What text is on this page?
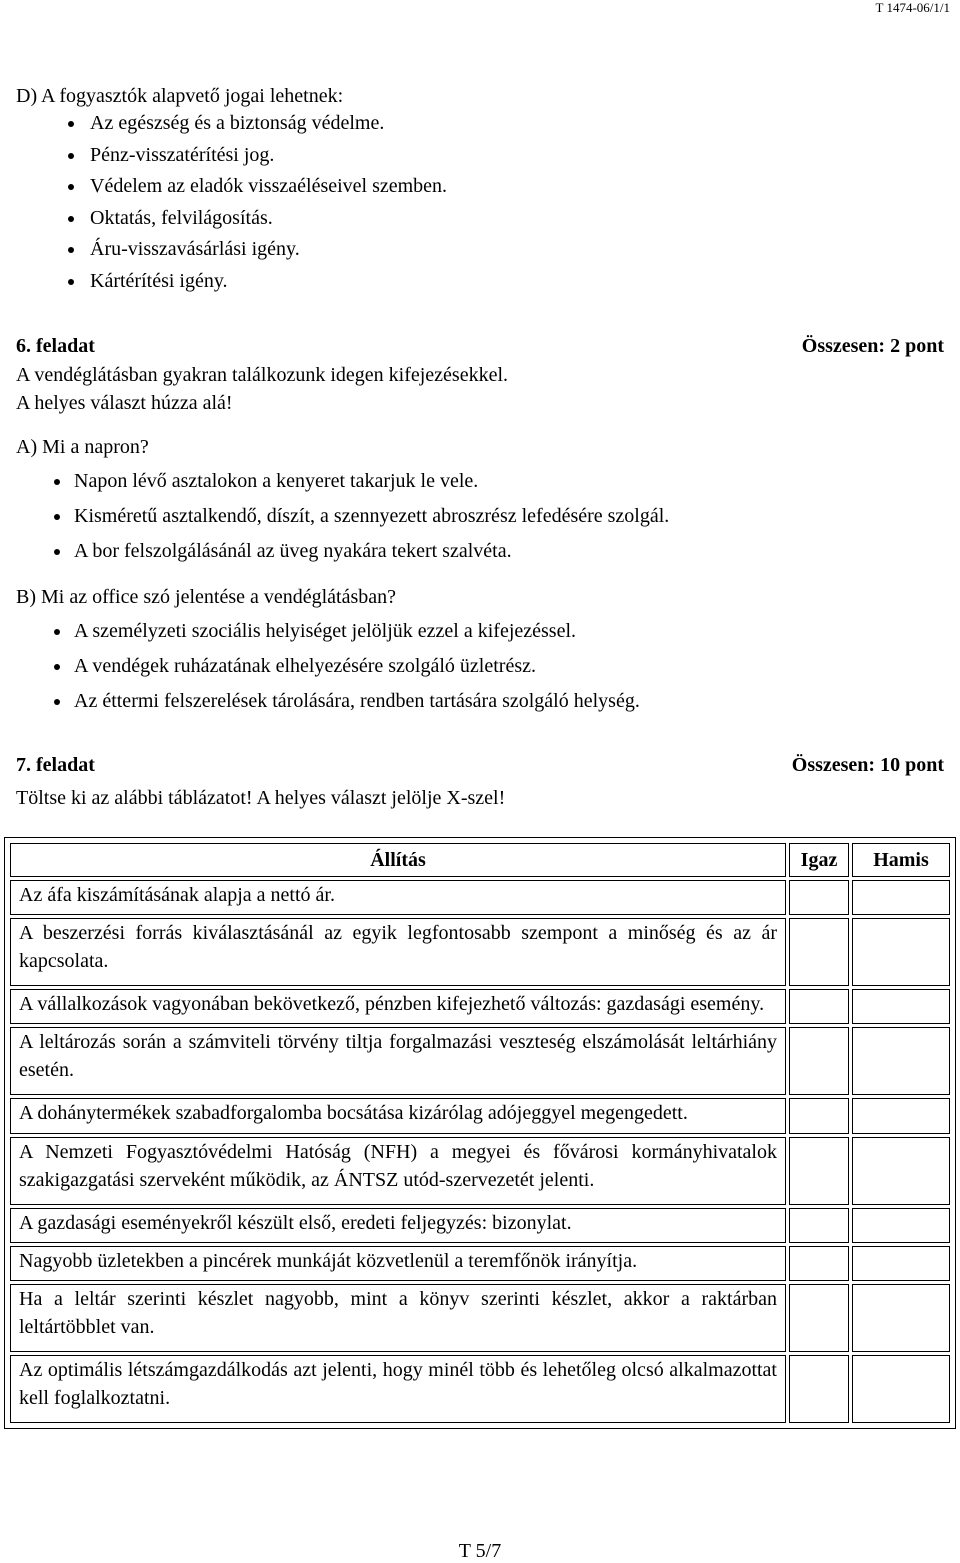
T 1474-06/1/1
D) A fogyasztók alapvető jogai lehetnek:
Az egészség és a biztonság védelme.
Pénz-visszatérítési jog.
Védelem az eladók visszaéléseivel szemben.
Oktatás, felvilágosítás.
Áru-visszavásárlási igény.
Kártérítési igény.
6. feladat	Összesen: 2 pont
A vendéglátásban gyakran találkozunk idegen kifejezésekkel.
A helyes választ húzza alá!
A) Mi a napron?
Napon lévő asztalokon a kenyeret takarjuk le vele.
Kisméretű asztalkendő, díszít, a szennyezett abroszrész lefedésére szolgál.
A bor felszolgálásánál az üveg nyakára tekert szalvéta.
B) Mi az office szó jelentése a vendéglátásban?
A személyzeti szociális helyiséget jelöljük ezzel a kifejezéssel.
A vendégek ruházatának elhelyezésére szolgáló üzletrész.
Az éttermi felszerelések tárolására, rendben tartására szolgáló helység.
7. feladat	Összesen: 10 pont
Töltse ki az alábbi táblázatot! A helyes választ jelölje X-szel!
Állítás	Igaz	Hamis
Az áfa kiszámításának alapja a nettó ár.		
A beszerzési forrás kiválasztásánál az egyik legfontosabb szempont a minőség és az ár kapcsolata.		
A vállalkozások vagyonában bekövetkező, pénzben kifejezhető változás: gazdasági esemény.		
A leltározás során a számviteli törvény tiltja forgalmazási veszteség elszámolását leltárhiány esetén.		
A dohánytermékek szabadforgalomba bocsátása kizárólag adójeggyel megengedett.		
A Nemzeti Fogyasztóvédelmi Hatóság (NFH) a megyei és fővárosi kormányhivatalok szakigazgatási szerveként működik, az ÁNTSZ utód-szervezetét jelenti.		
A gazdasági eseményekről készült első, eredeti feljegyzés: bizonylat.		
Nagyobb üzletekben a pincérek munkáját közvetlenül a teremfőnök irányítja.		
Ha a leltár szerinti készlet nagyobb, mint a könyv szerinti készlet, akkor a raktárban leltártöbblet van.		
Az optimális létszámgazdálkodás azt jelenti, hogy minél több és lehetőleg olcsó alkalmazottat kell foglalkoztatni.		
T 5/7
